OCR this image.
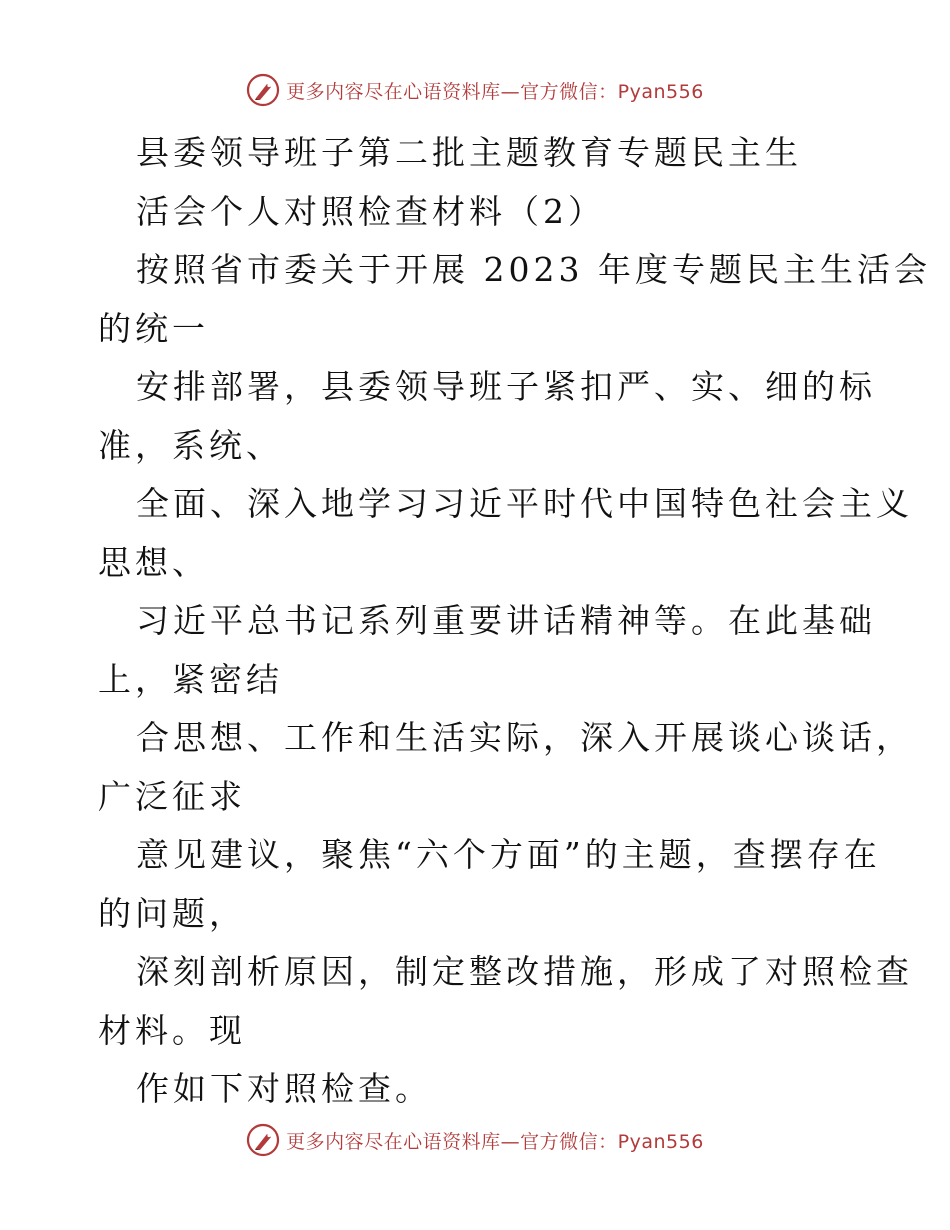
更多内容尽在心语资料库—官方微信：Pyan556
县委领导班子第二批主题教育专题民主生
活会个人对照检查材料（2）
按照省市委关于开展 2023 年度专题民主生活会
的统一
安排部署，县委领导班子紧扣严、实、细的标
准，系统、
全面、深入地学习习近平时代中国特色社会主义
思想、
习近平总书记系列重要讲话精神等。在此基础
上，紧密结
合思想、工作和生活实际，深入开展谈心谈话，
广泛征求
意见建议，聚焦“六个方面”的主题，查摆存在
的问题，
深刻剖析原因，制定整改措施，形成了对照检查
材料。现
作如下对照检查。
更多内容尽在心语资料库—官方微信：Pyan556
